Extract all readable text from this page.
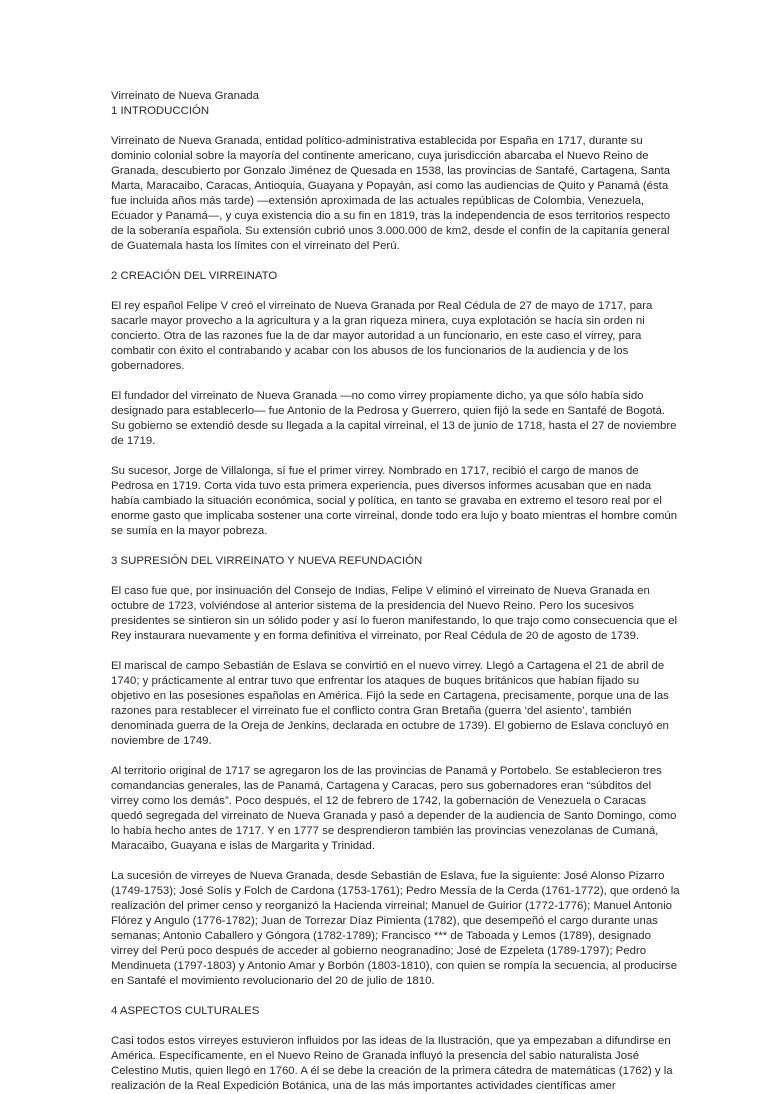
Virreinato de Nueva Granada
1 INTRODUCCIÓN

Virreinato de Nueva Granada, entidad político-administrativa establecida por España en 1717, durante su
dominio colonial sobre la mayoría del continente americano, cuya jurisdicción abarcaba el Nuevo Reino de
Granada, descubierto por Gonzalo Jiménez de Quesada en 1538, las provincias de Santafé, Cartagena, Santa
Marta, Maracaibo, Caracas, Antioquia, Guayana y Popayán, así como las audiencias de Quito y Panamá (ésta
fue incluida años más tarde) —extensión aproximada de las actuales repúblicas de Colombia, Venezuela,
Ecuador y Panamá—, y cuya existencia dio a su fin en 1819, tras la independencia de esos territorios respecto
de la soberanía española. Su extensión cubrió unos 3.000.000 de km2, desde el confín de la capitanía general
de Guatemala hasta los límites con el virreinato del Perú.

2 CREACIÓN DEL VIRREINATO

El rey español Felipe V creó el virreinato de Nueva Granada por Real Cédula de 27 de mayo de 1717, para
sacarle mayor provecho a la agricultura y a la gran riqueza minera, cuya explotación se hacía sin orden ni
concierto. Otra de las razones fue la de dar mayor autoridad a un funcionario, en este caso el virrey, para
combatir con éxito el contrabando y acabar con los abusos de los funcionarios de la audiencia y de los
gobernadores.

El fundador del virreinato de Nueva Granada —no como virrey propiamente dicho, ya que sólo había sido
designado para establecerlo— fue Antonio de la Pedrosa y Guerrero, quien fijó la sede en Santafé de Bogotá.
Su gobierno se extendió desde su llegada a la capital virreinal, el 13 de junio de 1718, hasta el 27 de noviembre
de 1719.

Su sucesor, Jorge de Villalonga, sí fue el primer virrey. Nombrado en 1717, recibió el cargo de manos de
Pedrosa en 1719. Corta vida tuvo esta primera experiencia, pues diversos informes acusaban que en nada
había cambiado la situación económica, social y política, en tanto se gravaba en extremo el tesoro real por el
enorme gasto que implicaba sostener una corte virreinal, donde todo era lujo y boato mientras el hombre común
se sumía en la mayor pobreza.

3 SUPRESIÓN DEL VIRREINATO Y NUEVA REFUNDACIÓN

El caso fue que, por insinuación del Consejo de Indias, Felipe V eliminó el virreinato de Nueva Granada en
octubre de 1723, volviéndose al anterior sistema de la presidencia del Nuevo Reino. Pero los sucesivos
presidentes se sintieron sin un sólido poder y así lo fueron manifestando, lo que trajo como consecuencia que el
Rey instaurara nuevamente y en forma definitiva el virreinato, por Real Cédula de 20 de agosto de 1739.

El mariscal de campo Sebastián de Eslava se convirtió en el nuevo virrey. Llegó a Cartagena el 21 de abril de
1740; y prácticamente al entrar tuvo que enfrentar los ataques de buques británicos que habían fijado su
objetivo en las posesiones españolas en América. Fijó la sede en Cartagena, precisamente, porque una de las
razones para restablecer el virreinato fue el conflicto contra Gran Bretaña (guerra ‘del asiento’, también
denominada guerra de la Oreja de Jenkins, declarada en octubre de 1739). El gobierno de Eslava concluyó en
noviembre de 1749.

Al territorio original de 1717 se agregaron los de las provincias de Panamá y Portobelo. Se establecieron tres
comandancias generales, las de Panamá, Cartagena y Caracas, pero sus gobernadores eran “súbditos del
virrey como los demás”. Poco después, el 12 de febrero de 1742, la gobernación de Venezuela o Caracas
quedó segregada del virreinato de Nueva Granada y pasó a depender de la audiencia de Santo Domingo, como
lo había hecho antes de 1717. Y en 1777 se desprendieron también las provincias venezolanas de Cumaná,
Maracaibo, Guayana e islas de Margarita y Trinidad.

La sucesión de virreyes de Nueva Granada, desde Sebastián de Eslava, fue la siguiente: José Alonso Pizarro
(1749-1753); José Solís y Folch de Cardona (1753-1761); Pedro Messía de la Cerda (1761-1772), que ordenó la
realización del primer censo y reorganizó la Hacienda virreinal; Manuel de Guirior (1772-1776); Manuel Antonio
Flórez y Angulo (1776-1782); Juan de Torrezar Díaz Pimienta (1782), que desempeñó el cargo durante unas
semanas; Antonio Caballero y Góngora (1782-1789); Francisco *** de Taboada y Lemos (1789), designado
virrey del Perú poco después de acceder al gobierno neogranadino; José de Ezpeleta (1789-1797); Pedro
Mendinueta (1797-1803) y Antonio Amar y Borbón (1803-1810), con quien se rompía la secuencia, al producirse
en Santafé el movimiento revolucionario del 20 de julio de 1810.

4 ASPECTOS CULTURALES

Casi todos estos virreyes estuvieron influidos por las ideas de la Ilustración, que ya empezaban a difundirse en
América. Específicamente, en el Nuevo Reino de Granada influyó la presencia del sabio naturalista José
Celestino Mutis, quien llegó en 1760. A él se debe la creación de la primera cátedra de matemáticas (1762) y la
realización de la Real Expedición Botánica, una de las más importantes actividades científicas amer
